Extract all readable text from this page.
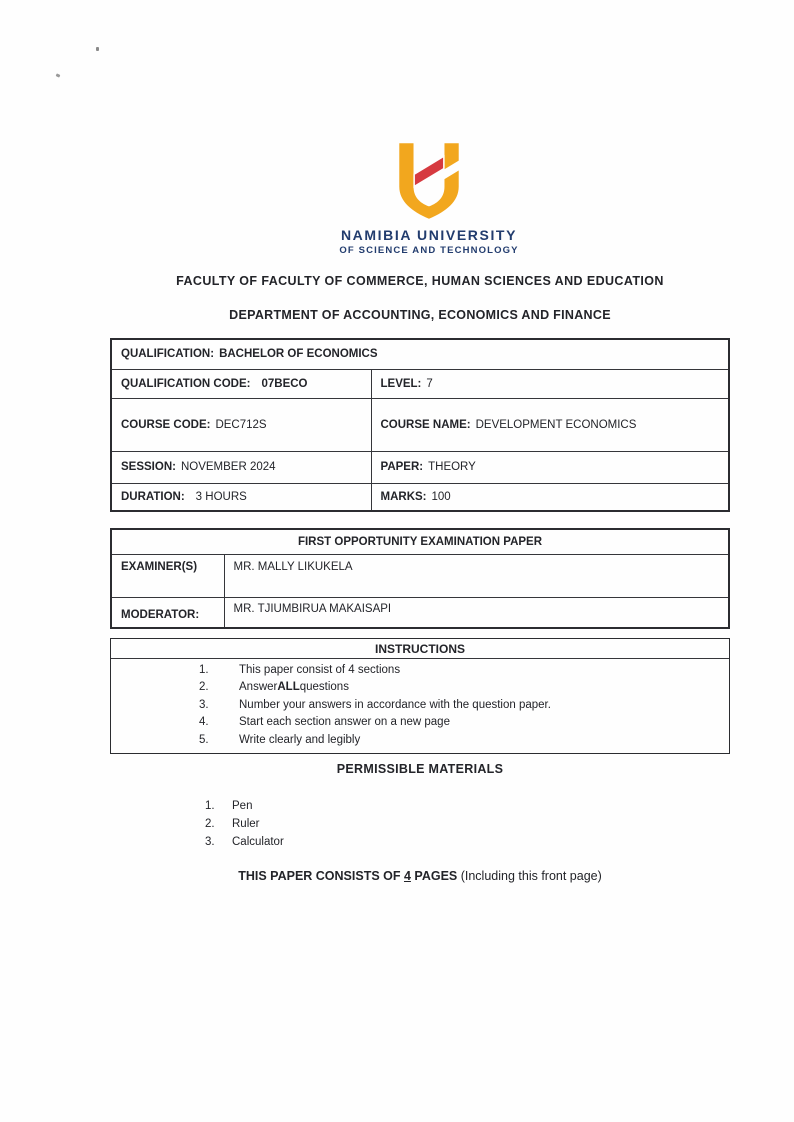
NAMIBIA UNIVERSITY
OF SCIENCE AND TECHNOLOGY
FACULTY OF FACULTY OF COMMERCE, HUMAN SCIENCES AND EDUCATION
DEPARTMENT OF ACCOUNTING, ECONOMICS AND FINANCE
QUALIFICATION: BACHELOR OF ECONOMICS	
QUALIFICATION CODE: 07BECO	LEVEL: 7
COURSE CODE: DEC712S	COURSE NAME: DEVELOPMENT ECONOMICS
SESSION: NOVEMBER 2024	PAPER: THEORY
DURATION: 3 HOURS	MARKS: 100
FIRST OPPORTUNITY EXAMINATION PAPER	
EXAMINER(S)	MR. MALLY LIKUKELA
MODERATOR:	MR. TJIUMBIRUA MAKAISAPI
INSTRUCTIONS
1.	This paper consist of 4 sections
2.	Answer ALL questions
3.	Number your answers in accordance with the question paper.
4.	Start each section answer on a new page
5.	Write clearly and legibly
PERMISSIBLE MATERIALS
1.	Pen
2.	Ruler
3.	Calculator
THIS PAPER CONSISTS OF 4 PAGES (Including this front page)
